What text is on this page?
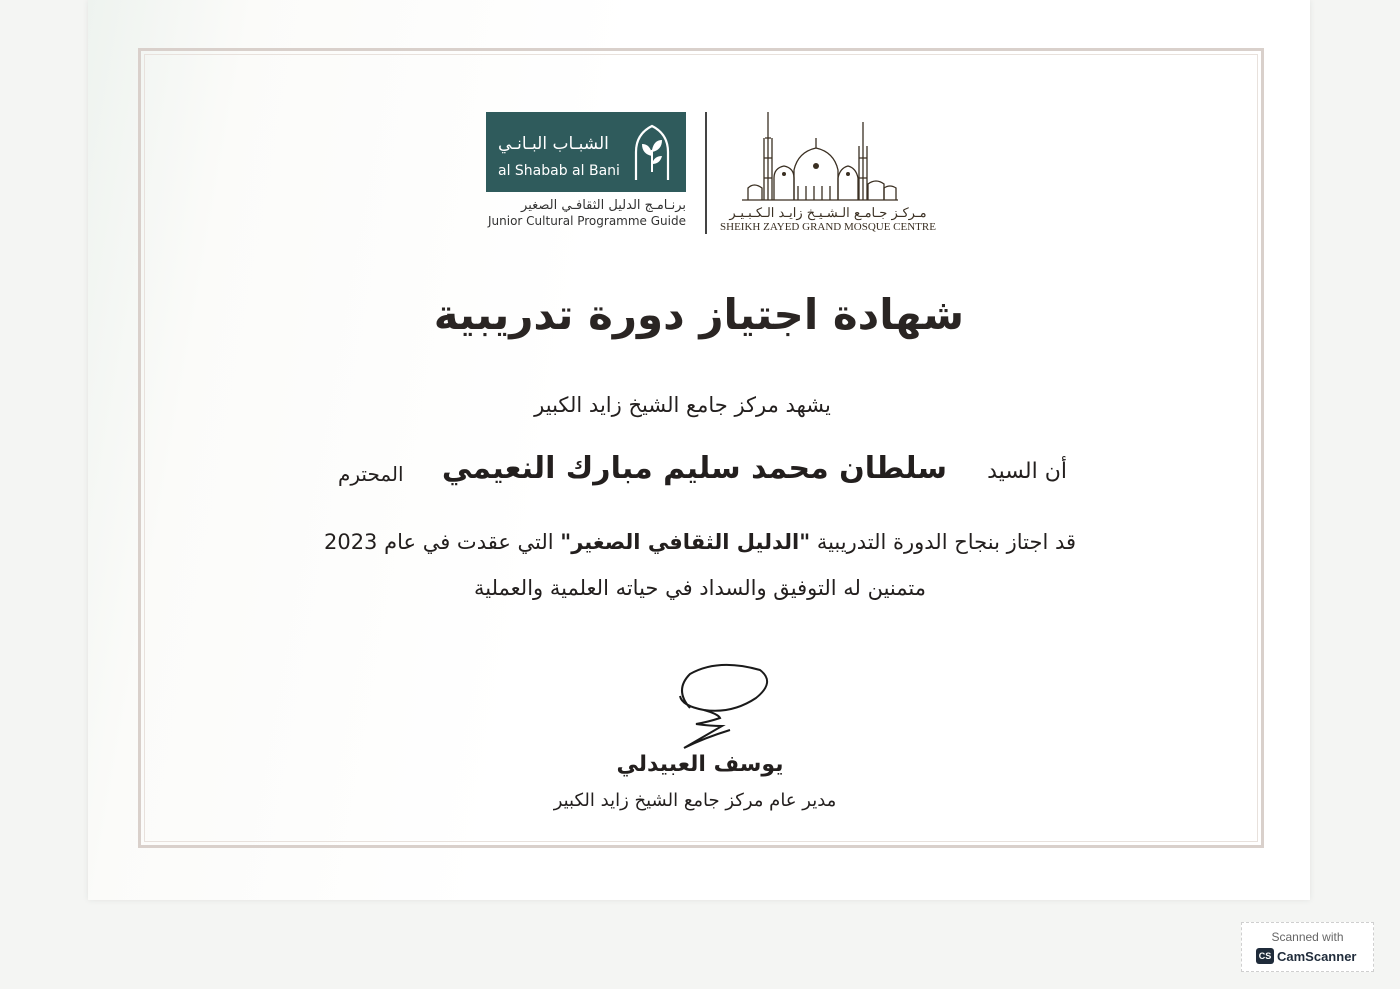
الشبـاب البـانـي
al Shabab al Bani
برنـامـج الدليل الثقافـي الصغير
Junior Cultural Programme Guide	مـركـز جـامـع الـشـيـخ زايـد الـكـبـيـر
SHEIKH ZAYED GRAND MOSQUE CENTRE
شهادة اجتياز دورة تدريبية
يشهد مركز جامع الشيخ زايد الكبير
أن السيد
سلطان محمد سليم مبارك النعيمي
المحترم
قد اجتاز بنجاح الدورة التدريبية "الدليل الثقافي الصغير" التي عقدت في عام 2023
متمنين له التوفيق والسداد في حياته العلمية والعملية
يوسف العبيدلي
مدير عام مركز جامع الشيخ زايد الكبير
Scanned with
CS CamScanner
